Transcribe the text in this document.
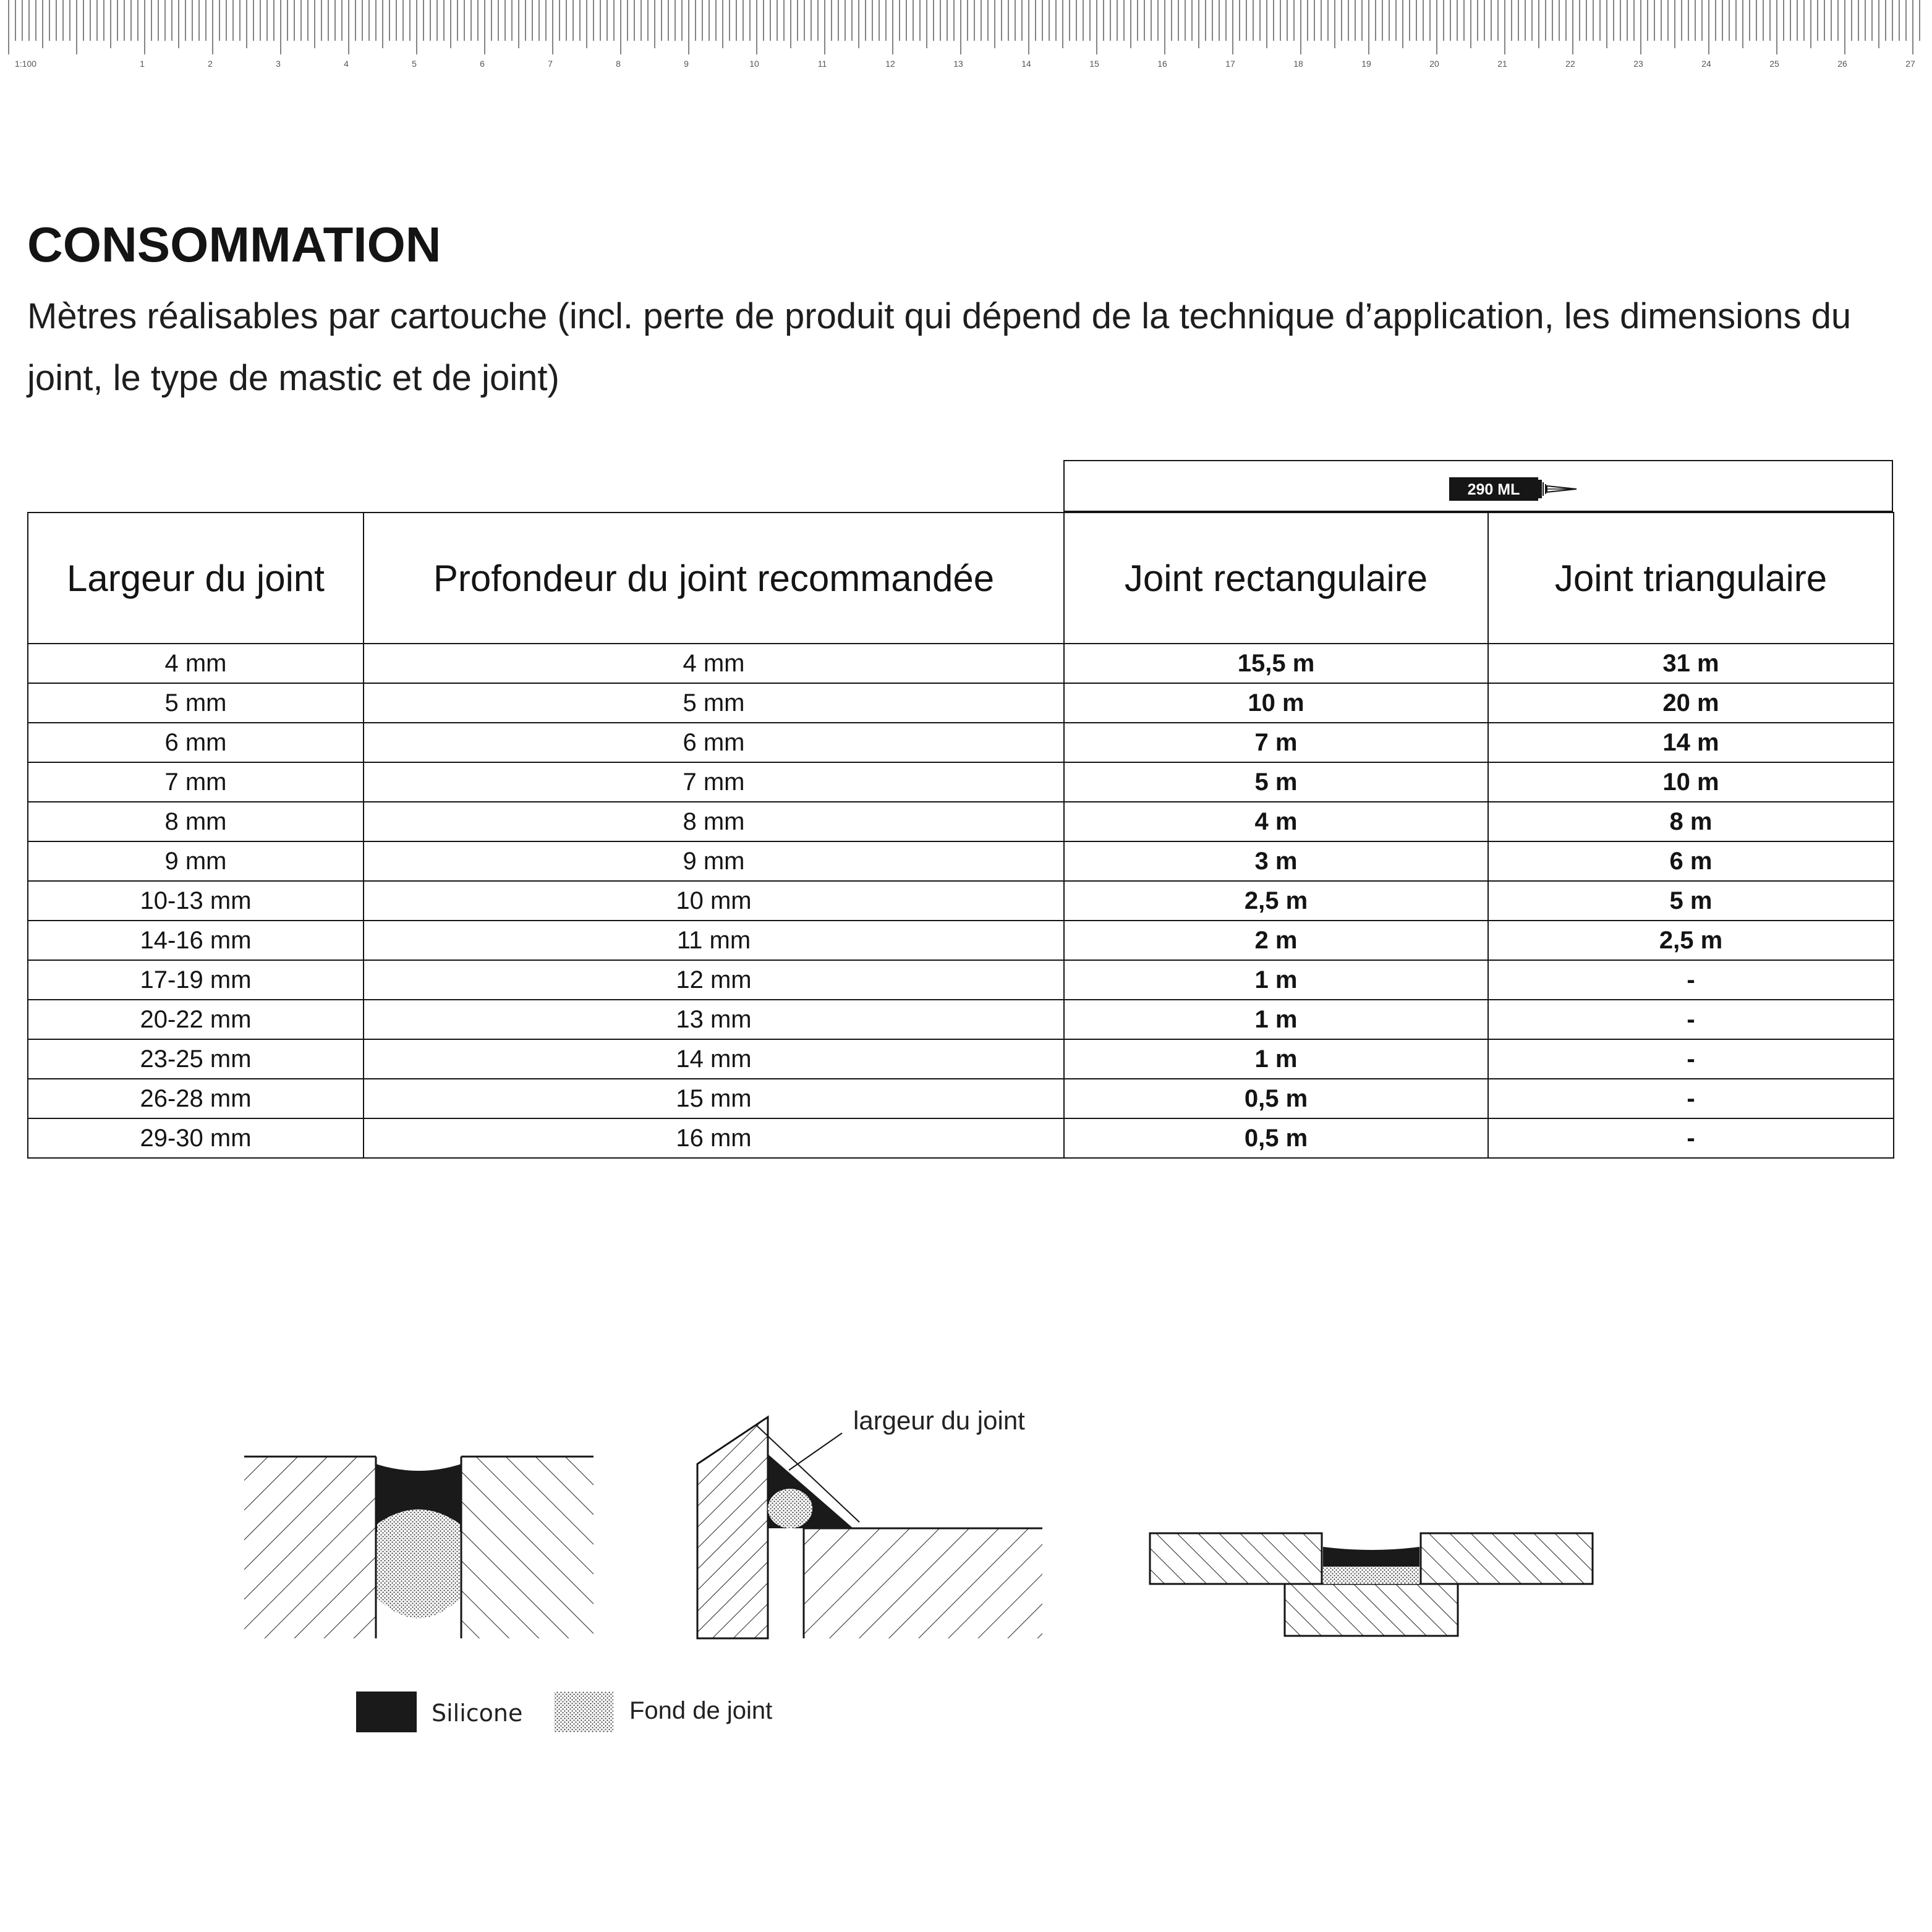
1:100	1	2	3	4	5	6	7	8	9	10	11	12	13	14	15	16	17	18	19	20	21	22	23	24	25	26	27
CONSOMMATION

Mètres réalisables par cartouche (incl. perte de produit qui dépend de la technique d’application, les dimensions du joint, le type de mastic et de joint)

290 ML
Largeur du joint	Profondeur du joint recommandée	Joint rectangulaire	Joint triangulaire
4 mm	4 mm	15,5 m	31 m
5 mm	5 mm	10 m	20 m
6 mm	6 mm	7 m	14 m
7 mm	7 mm	5 m	10 m
8 mm	8 mm	4 m	8 m
9 mm	9 mm	3 m	6 m
10-13 mm	10 mm	2,5 m	5 m
14-16 mm	11 mm	2 m	2,5 m
17-19 mm	12 mm	1 m	-
20-22 mm	13 mm	1 m	-
23-25 mm	14 mm	1 m	-
26-28 mm	15 mm	0,5 m	-
29-30 mm	16 mm	0,5 m	-
largeur du joint
Silicone	Fond de joint
